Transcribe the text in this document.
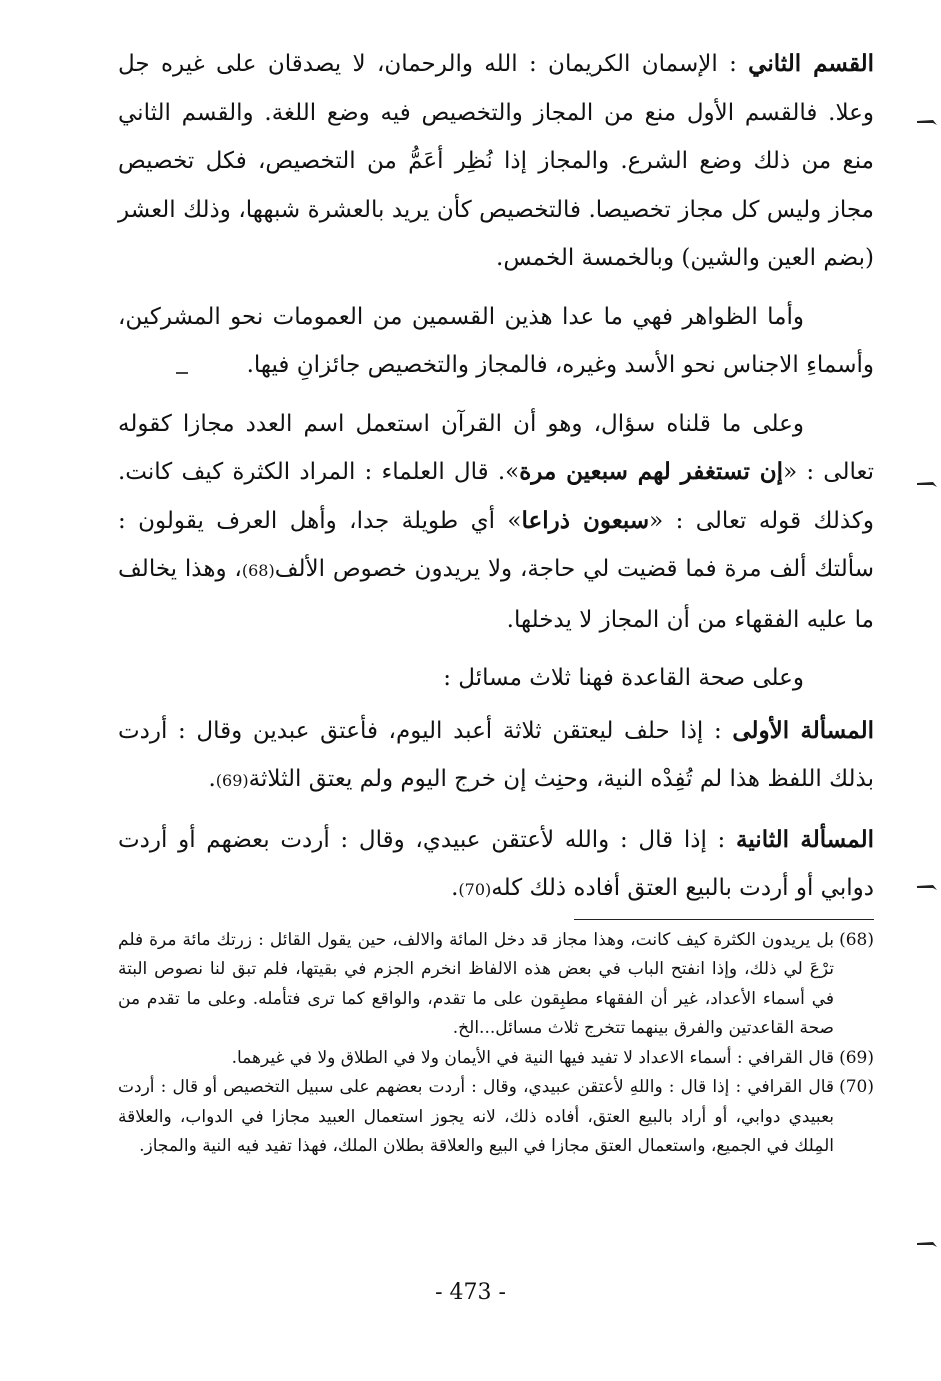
القسم الثاني : الإسمان الكريمان : الله والرحمان، لا يصدقان على غيره جل وعلا. فالقسم الأول منع من المجاز والتخصيص فيه وضع اللغة. والقسم الثاني منع من ذلك وضع الشرع. والمجاز إذا نُظِر أعَمُّ من التخصيص، فكل تخصيص مجاز وليس كل مجاز تخصيصا. فالتخصيص كأن يريد بالعشرة شبهها، وذلك العشر (بضم العين والشين) وبالخمسة الخمس.

وأما الظواهر فهي ما عدا هذين القسمين من العمومات نحو المشركين، وأسماءِ الاجناس نحو الأسد وغيره، فالمجاز والتخصيص جائزانِ فيها.

وعلى ما قلناه سؤال، وهو أن القرآن استعمل اسم العدد مجازا كقوله تعالى : «إن تستغفر لهم سبعين مرة». قال العلماء : المراد الكثرة كيف كانت. وكذلك قوله تعالى : «سبعون ذراعا» أي طويلة جدا، وأهل العرف يقولون : سألتك ألف مرة فما قضيت لي حاجة، ولا يريدون خصوص الألف(68)، وهذا يخالف ما عليه الفقهاء من أن المجاز لا يدخلها.

وعلى صحة القاعدة فهنا ثلاث مسائل :

المسألة الأولى : إذا حلف ليعتقن ثلاثة أعبد اليوم، فأعتق عبدين وقال : أردت بذلك اللفظ هذا لم تُفِدْه النية، وحنِث إن خرج اليوم ولم يعتق الثلاثة(69).

المسألة الثانية : إذا قال : والله لأعتقن عبيدي، وقال : أردت بعضهم أو أردت دوابي أو أردت بالبيع العتق أفاده ذلك كله(70).

(68)بل يريدون الكثرة كيف كانت، وهذا مجاز قد دخل المائة والالف، حين يقول القائل : زرتك مائة مرة فلم ترْعَ لي ذلك، وإذا انفتح الباب في بعض هذه الالفاظ انخرم الجزم في بقيتها، فلم تبق لنا نصوص البتة في أسماء الأعداد، غير أن الفقهاء مطبِقون على ما تقدم، والواقع كما ترى فتأمله. وعلى ما تقدم من صحة القاعدتين والفرق بينهما تتخرج ثلاث مسائل...الخ.

(69)قال القرافي : أسماء الاعداد لا تفيد فيها النية في الأيمان ولا في الطلاق ولا في غيرهما.

(70)قال القرافي : إذا قال : واللهِ لأعتقن عبيدي، وقال : أردت بعضهم على سبيل التخصيص أو قال : أردت بعبيدي دوابي، أو أراد بالبيع العتق، أفاده ذلك، لانه يجوز استعمال العبيد مجازا في الدواب، والعلاقة المِلك في الجميع، واستعمال العتق مجازا في البيع والعلاقة بطلان الملك، فهذا تفيد فيه النية والمجاز.

- 473 -
